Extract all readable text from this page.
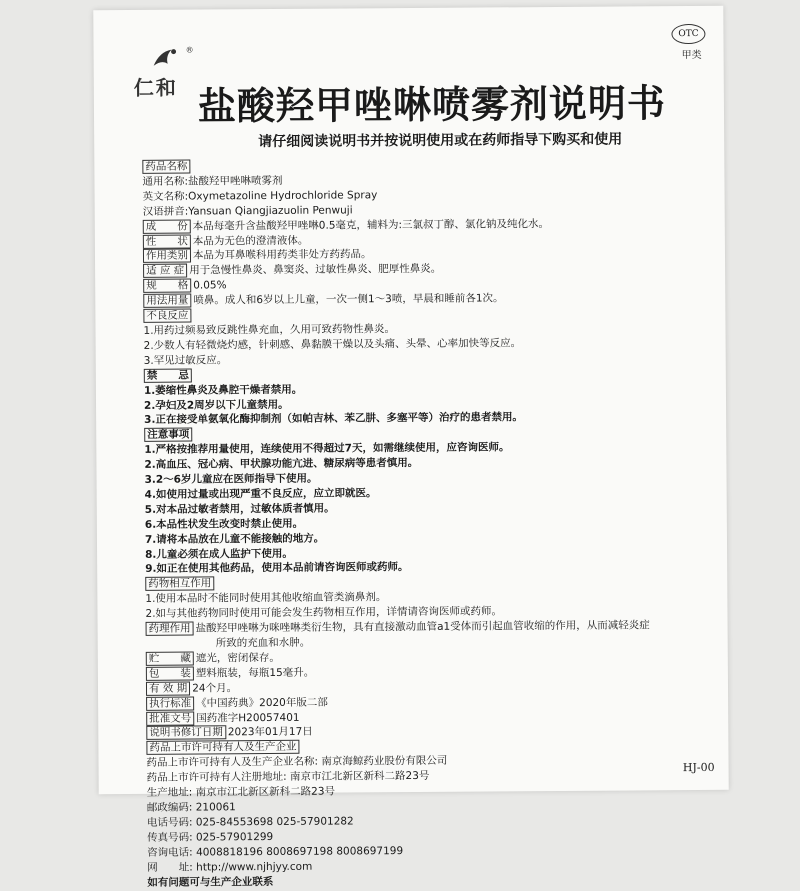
®
仁和
OTC
甲类
盐酸羟甲唑啉喷雾剂说明书
请仔细阅读说明书并按说明使用或在药师指导下购买和使用
药品名称
通用名称:盐酸羟甲唑啉喷雾剂
英文名称:Oxymetazoline Hydrochloride Spray
汉语拼音:Yansuan Qiangjiazuolin Penwuji
成　　份 本品每毫升含盐酸羟甲唑啉0.5毫克，辅料为:三氯叔丁醇、氯化钠及纯化水。
性　　状 本品为无色的澄清液体。
作用类别 本品为耳鼻喉科用药类非处方药药品。
适 应 症 用于急慢性鼻炎、鼻窦炎、过敏性鼻炎、肥厚性鼻炎。
规　　格 0.05%
用法用量 喷鼻。成人和6岁以上儿童，一次一侧1～3喷，早晨和睡前各1次。
不良反应
1.用药过频易致反跳性鼻充血，久用可致药物性鼻炎。
2.少数人有轻微烧灼感，针刺感、鼻黏膜干燥以及头痛、头晕、心率加快等反应。
3.罕见过敏反应。
禁　　忌
1.萎缩性鼻炎及鼻腔干燥者禁用。
2.孕妇及2周岁以下儿童禁用。
3.正在接受单氨氧化酶抑制剂（如帕吉林、苯乙肼、多塞平等）治疗的患者禁用。
注意事项
1.严格按推荐用量使用，连续使用不得超过7天，如需继续使用，应咨询医师。
2.高血压、冠心病、甲状腺功能亢进、糖尿病等患者慎用。
3.2～6岁儿童应在医师指导下使用。
4.如使用过量或出现严重不良反应，应立即就医。
5.对本品过敏者禁用，过敏体质者慎用。
6.本品性状发生改变时禁止使用。
7.请将本品放在儿童不能接触的地方。
8.儿童必须在成人监护下使用。
9.如正在使用其他药品，使用本品前请咨询医师或药师。
药物相互作用
1.使用本品时不能同时使用其他收缩血管类滴鼻剂。
2.如与其他药物同时使用可能会发生药物相互作用，详情请咨询医师或药师。
药理作用 盐酸羟甲唑啉为咪唑啉类衍生物，具有直接激动血管a1受体而引起血管收缩的作用，从而减轻炎症
所致的充血和水肿。
贮　　藏 遮光，密闭保存。
包　　装 塑料瓶装，每瓶15毫升。
有 效 期 24个月。
执行标准 《中国药典》2020年版二部
批准文号 国药准字H20057401
说明书修订日期 2023年01月17日
药品上市许可持有人及生产企业
药品上市许可持有人及生产企业名称: 南京海鲸药业股份有限公司
药品上市许可持有人注册地址: 南京市江北新区新科二路23号
生产地址: 南京市江北新区新科二路23号
邮政编码: 210061
电话号码: 025-84553698 025-57901282
传真号码: 025-57901299
咨询电话: 4008818196 8008697198 8008697199
网　　址: http://www.njhjyy.com
如有问题可与生产企业联系
HJ-00
